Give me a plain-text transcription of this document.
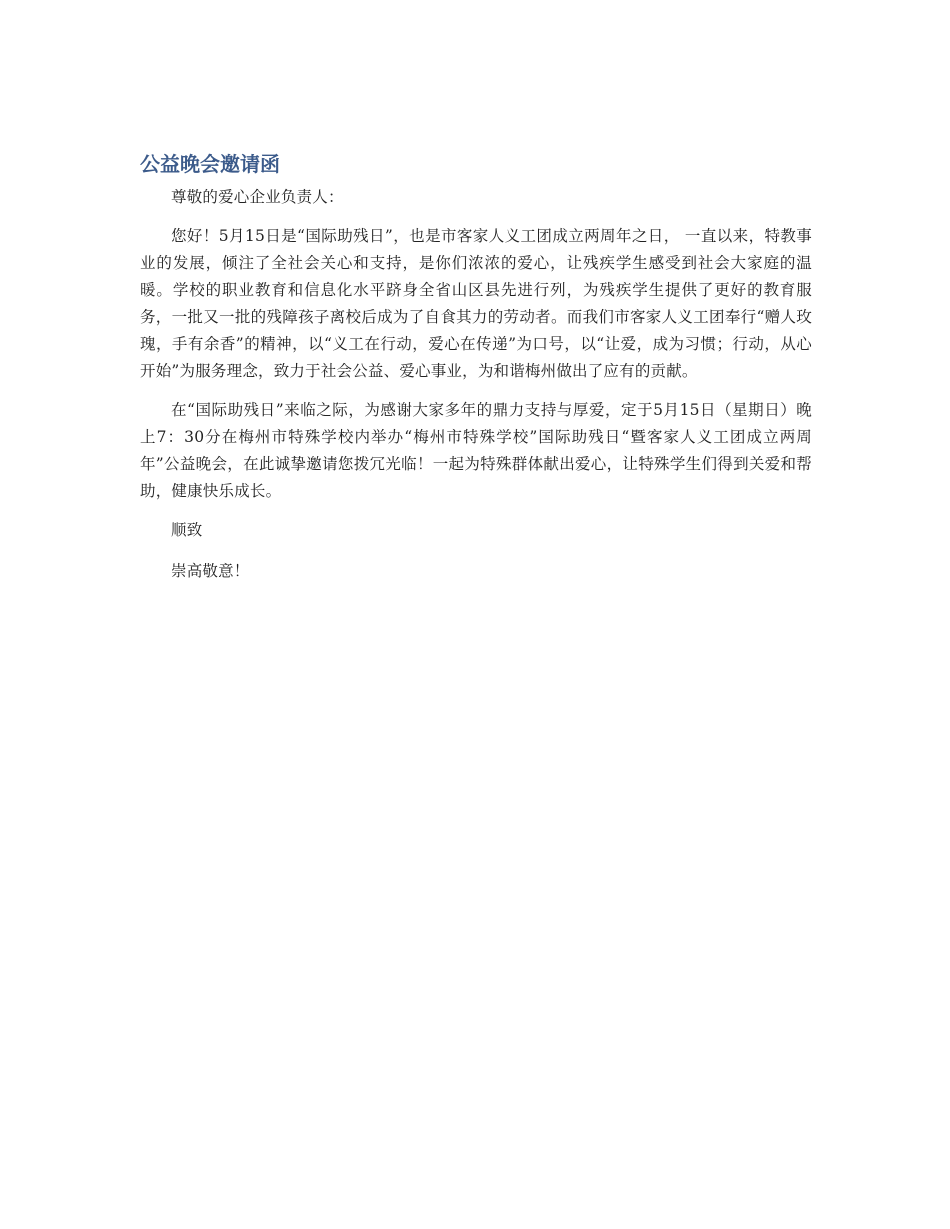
公益晚会邀请函

尊敬的爱心企业负责人：

您好！5月15日是“国际助残日”，也是市客家人义工团成立两周年之日， 一直以来，特教事业的发展，倾注了全社会关心和支持，是你们浓浓的爱心，让残疾学生感受到社会大家庭的温暖。学校的职业教育和信息化水平跻身全省山区县先进行列，为残疾学生提供了更好的教育服务，一批又一批的残障孩子离校后成为了自食其力的劳动者。而我们市客家人义工团奉行“赠人玫瑰，手有余香”的精神，以“义工在行动，爱心在传递”为口号，以“让爱，成为习惯；行动，从心开始”为服务理念，致力于社会公益、爱心事业，为和谐梅州做出了应有的贡献。

在“国际助残日”来临之际，为感谢大家多年的鼎力支持与厚爱，定于5月15日（星期日）晚上7：30分在梅州市特殊学校内举办“梅州市特殊学校”国际助残日“暨客家人义工团成立两周年”公益晚会，在此诚挚邀请您拨冗光临！一起为特殊群体献出爱心，让特殊学生们得到关爱和帮助，健康快乐成长。

顺致

崇高敬意！
